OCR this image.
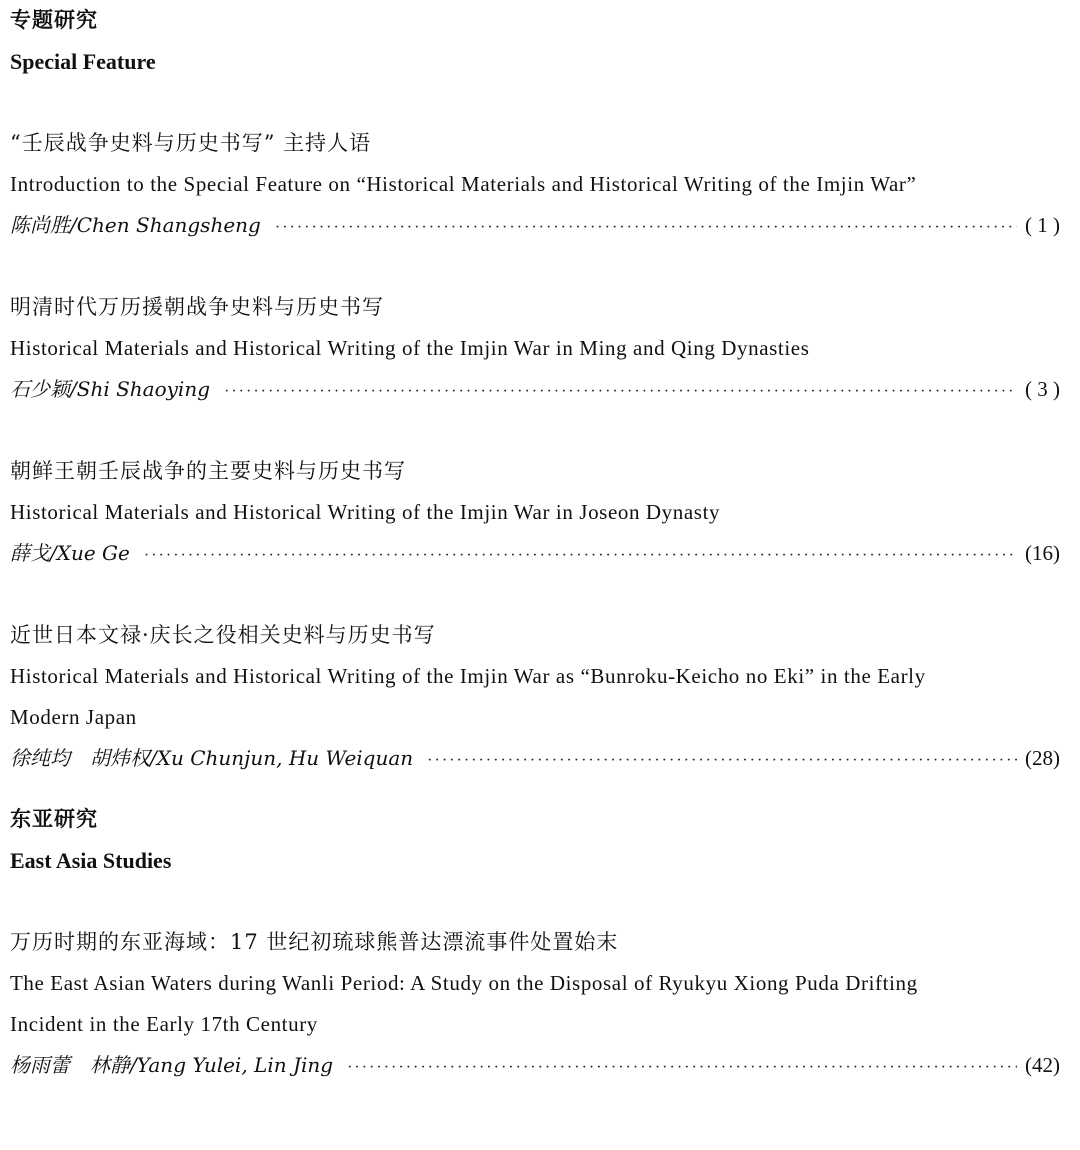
专题研究
Special Feature
“壬辰战争史料与历史书写” 主持人语
Introduction to the Special Feature on “Historical Materials and Historical Writing of the Imjin War”
陈尚胜/Chen Shangsheng ·····	( 1 )
明清时代万历援朝战争史料与历史书写
Historical Materials and Historical Writing of the Imjin War in Ming and Qing Dynasties
石少颖/Shi Shaoying ·····	( 3 )
朝鲜王朝壬辰战争的主要史料与历史书写
Historical Materials and Historical Writing of the Imjin War in Joseon Dynasty
薛戈/Xue Ge ·····	(16)
近世日本文禄·庆长之役相关史料与历史书写
Historical Materials and Historical Writing of the Imjin War as “Bunroku-Keicho no Eki” in the Early
Modern Japan
徐纯均　胡炜权/Xu Chunjun, Hu Weiquan ·····	(28)
东亚研究
East Asia Studies
万历时期的东亚海域：17 世纪初琉球熊普达漂流事件处置始末
The East Asian Waters during Wanli Period: A Study on the Disposal of Ryukyu Xiong Puda Drifting
Incident in the Early 17th Century
杨雨蕾　林静/Yang Yulei, Lin Jing ·····	(42)
